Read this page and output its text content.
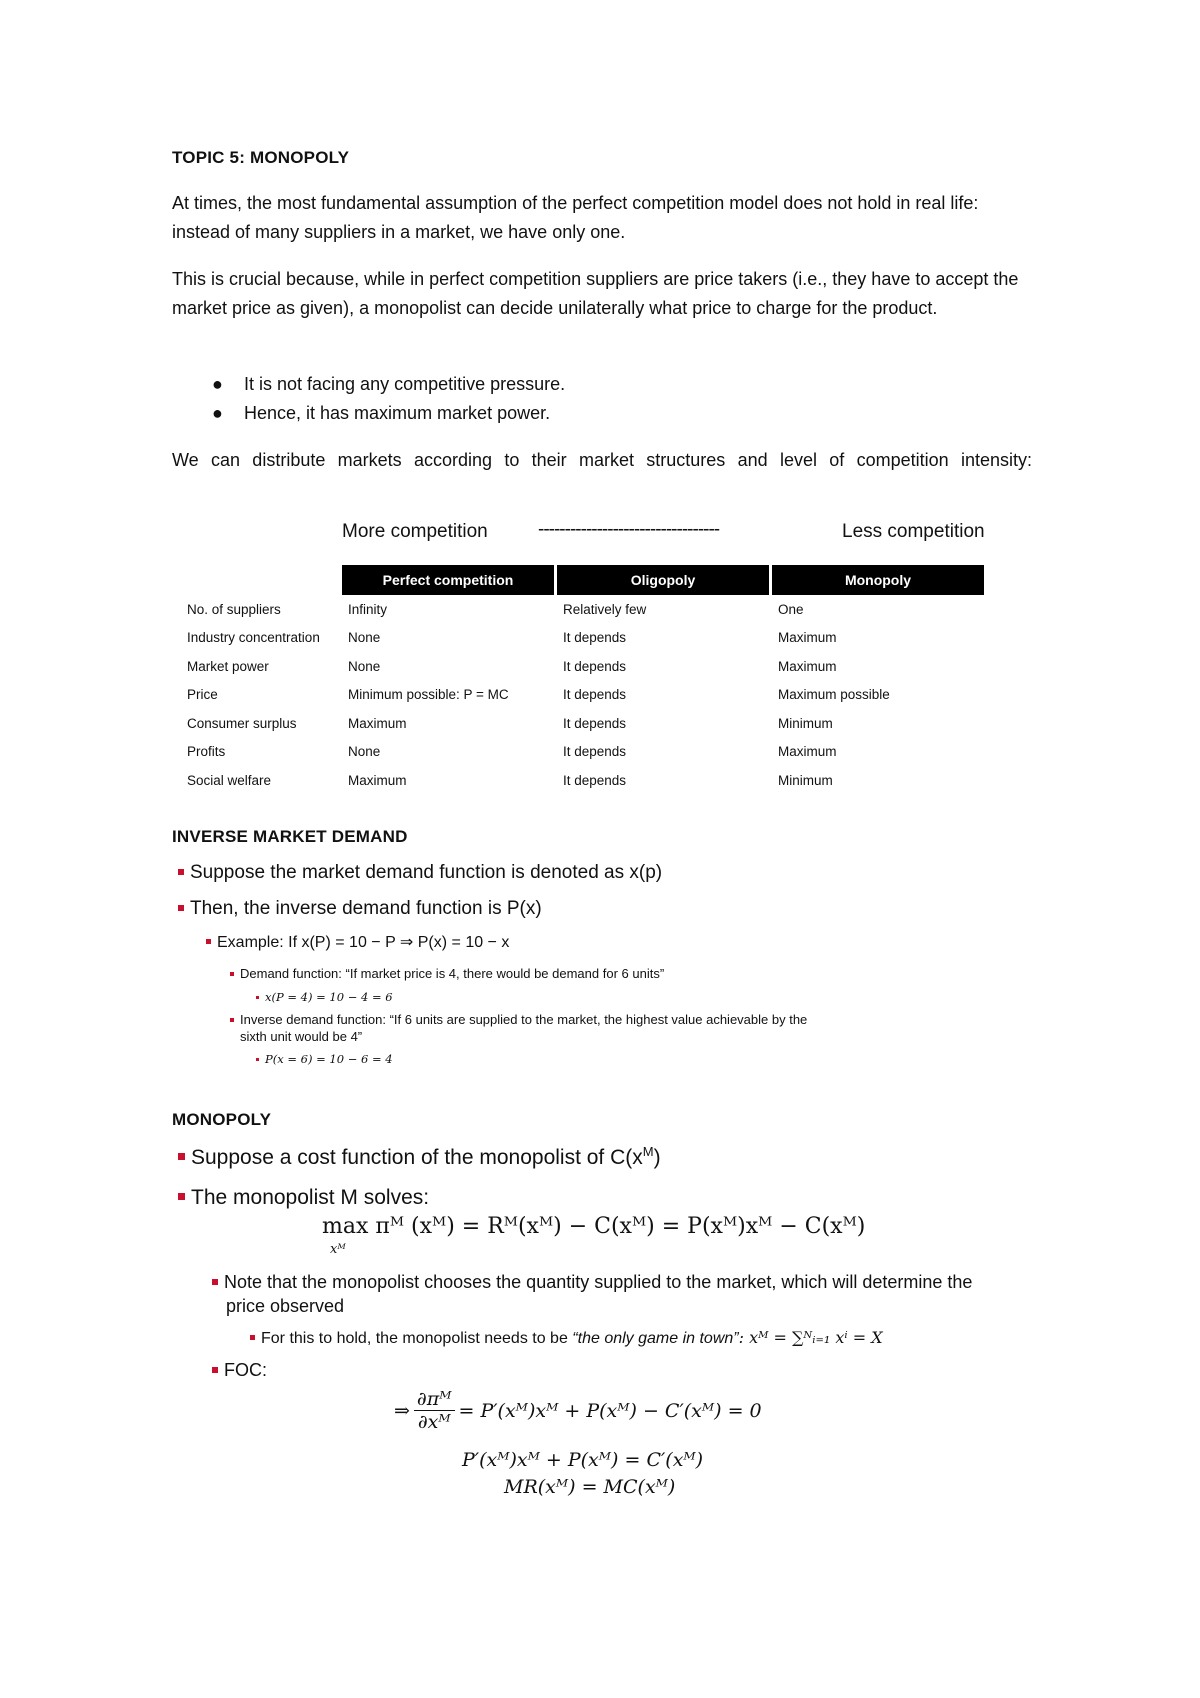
TOPIC 5: MONOPOLY
At times, the most fundamental assumption of the perfect competition model does not hold in real life: instead of many suppliers in a market, we have only one.
This is crucial because, while in perfect competition suppliers are price takers (i.e., they have to accept the market price as given), a monopolist can decide unilaterally what price to charge for the product.
● It is not facing any competitive pressure.
● Hence, it has maximum market power.
We can distribute markets according to their market structures and level of competition intensity:
More competition	----------------------------------	Less competition
	Perfect competition	Oligopoly	Monopoly
No. of suppliers	Infinity	Relatively few	One
Industry concentration	None	It depends	Maximum
Market power	None	It depends	Maximum
Price	Minimum possible: P = MC	It depends	Maximum possible
Consumer surplus	Maximum	It depends	Minimum
Profits	None	It depends	Maximum
Social welfare	Maximum	It depends	Minimum
INVERSE MARKET DEMAND
Suppose the market demand function is denoted as x(p)
Then, the inverse demand function is P(x)
Example: If x(P) = 10 − P ⇒ P(x) = 10 − x
Demand function: “If market price is 4, there would be demand for 6 units”
x(P = 4) = 10 − 4 = 6
Inverse demand function: “If 6 units are supplied to the market, the highest value achievable by the
sixth unit would be 4”
P(x = 6) = 10 − 6 = 4
MONOPOLY
Suppose a cost function of the monopolist of $C(x^M)$
The monopolist M solves:
max πᴹ (xᴹ) = Rᴹ(xᴹ) − C(xᴹ) = P(xᴹ)xᴹ − C(xᴹ)
xᴹ
Note that the monopolist chooses the quantity supplied to the market, which will determine the
price observed
For this to hold, the monopolist needs to be “the only game in town”: xᴹ = ∑ᴺᵢ₌₁ xⁱ = X
FOC:
⇒ $\frac{\text{∂πᴹ}}{\text{∂xᴹ}}$ = P′(xᴹ)xᴹ + P(xᴹ) − C′(xᴹ) = 0
P′(xᴹ)xᴹ + P(xᴹ) = C′(xᴹ)
MR(xᴹ) = MC(xᴹ)
